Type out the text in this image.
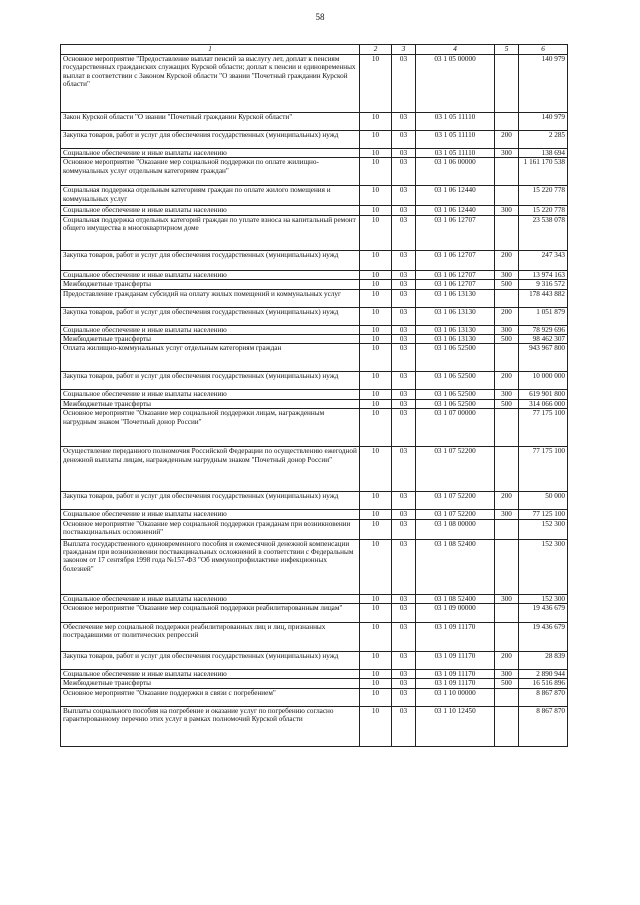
58
1	2	3	4	5	6
Основное мероприятие "Предоставление выплат пенсий за выслугу лет, доплат к пенсиям государственных гражданских служащих Курской области; доплат к пенсии и единовременных выплат в соответствии с Законом Курской области "О звании "Почетный гражданин Курской области"	10	03	03 1 05 00000		140 979
Закон Курской области "О звании "Почетный гражданин Курской области"	10	03	03 1 05 11110		140 979
Закупка товаров, работ и услуг для обеспечения государственных (муниципальных) нужд	10	03	03 1 05 11110	200	2 285
Социальное обеспечение и иные выплаты населению	10	03	03 1 05 11110	300	138 694
Основное мероприятие "Оказание мер социальной поддержки по оплате жилищно-коммунальных услуг отдельным категориям граждан"	10	03	03 1 06 00000		1 161 170 538
Социальная поддержка отдельным категориям граждан по оплате жилого помещения и коммунальных услуг	10	03	03 1 06 12440		15 220 778
Социальное обеспечение и иные выплаты населению	10	03	03 1 06 12440	300	15 220 778
Социальная поддержка отдельных категорий граждан по уплате взноса на капитальный ремонт общего имущества в многоквартирном доме	10	03	03 1 06 12707		23 538 078
Закупка товаров, работ и услуг для обеспечения государственных (муниципальных) нужд	10	03	03 1 06 12707	200	247 343
Социальное обеспечение и иные выплаты населению	10	03	03 1 06 12707	300	13 974 163
Межбюджетные трансферты	10	03	03 1 06 12707	500	9 316 572
Предоставление гражданам субсидий на оплату жилых помещений и коммунальных услуг	10	03	03 1 06 13130		178 443 882
Закупка товаров, работ и услуг для обеспечения государственных (муниципальных) нужд	10	03	03 1 06 13130	200	1 051 879
Социальное обеспечение и иные выплаты населению	10	03	03 1 06 13130	300	78 929 696
Межбюджетные трансферты	10	03	03 1 06 13130	500	98 462 307
Оплата жилищно-коммунальных услуг отдельным категориям граждан	10	03	03 1 06 52500		943 967 800
Закупка товаров, работ и услуг для обеспечения государственных (муниципальных) нужд	10	03	03 1 06 52500	200	10 000 000
Социальное обеспечение и иные выплаты населению	10	03	03 1 06 52500	300	619 901 800
Межбюджетные трансферты	10	03	03 1 06 52500	500	314 066 000
Основное мероприятие "Оказание мер социальной поддержки лицам, награжденным нагрудным знаком "Почетный донор России"	10	03	03 1 07 00000		77 175 100
Осуществление переданного полномочия Российской Федерации по осуществлению ежегодной денежной выплаты лицам, награжденным нагрудным знаком "Почетный донор России"	10	03	03 1 07 52200		77 175 100
Закупка товаров, работ и услуг для обеспечения государственных (муниципальных) нужд	10	03	03 1 07 52200	200	50 000
Социальное обеспечение и иные выплаты населению	10	03	03 1 07 52200	300	77 125 100
Основное мероприятие "Оказание мер социальной поддержки гражданам при возникновении поствакцинальных осложнений"	10	03	03 1 08 00000		152 300
Выплата государственного единовременного пособия и ежемесячной денежной компенсации гражданам при возникновении поствакцинальных осложнений в соответствии с Федеральным законом от 17 сентября 1998 года №157-ФЗ "Об иммунопрофилактике инфекционных болезней"	10	03	03 1 08 52400		152 300
Социальное обеспечение и иные выплаты населению	10	03	03 1 08 52400	300	152 300
Основное мероприятие "Оказание мер социальной поддержки реабилитированным лицам"	10	03	03 1 09 00000		19 436 679
Обеспечение мер социальной поддержки реабилитированных лиц и лиц, признанных пострадавшими от политических репрессий	10	03	03 1 09 11170		19 436 679
Закупка товаров, работ и услуг для обеспечения государственных (муниципальных) нужд	10	03	03 1 09 11170	200	28 839
Социальное обеспечение и иные выплаты населению	10	03	03 1 09 11170	300	2 890 944
Межбюджетные трансферты	10	03	03 1 09 11170	500	16 516 896
Основное мероприятие "Оказание поддержки в связи с погребением"	10	03	03 1 10 00000		8 867 870
Выплаты социального пособия на погребение и оказание услуг по погребению согласно гарантированному перечню этих услуг в рамках полномочий Курской области	10	03	03 1 10 12450		8 867 870
